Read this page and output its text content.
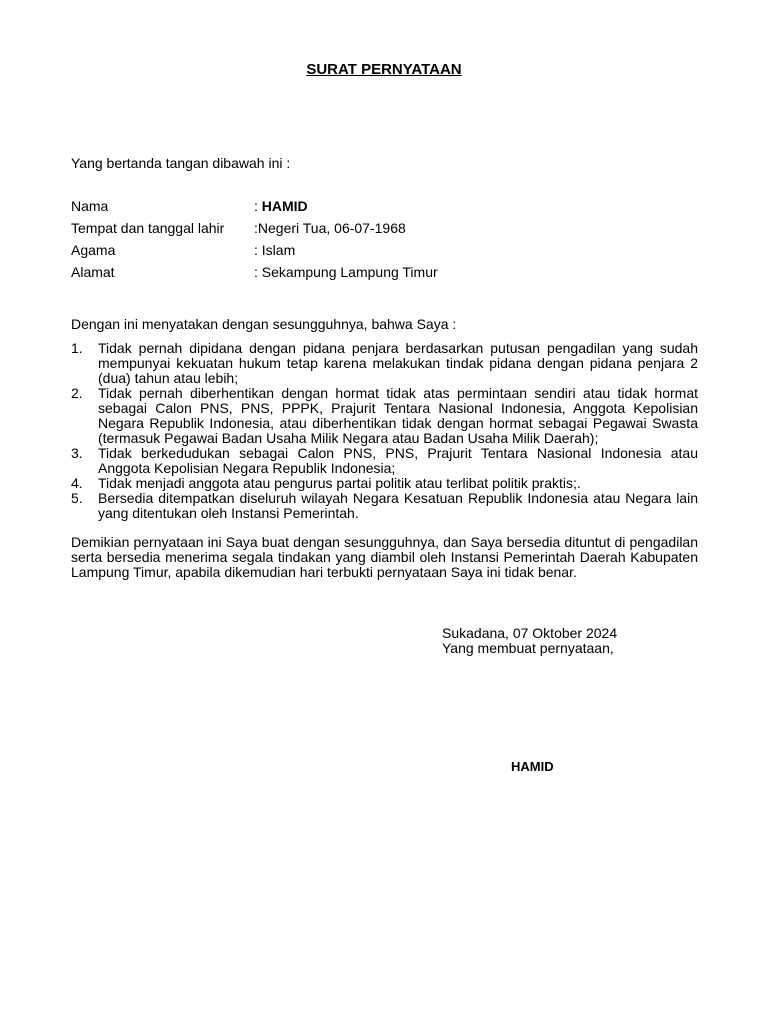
SURAT PERNYATAAN
Yang bertanda tangan dibawah ini :
Nama	: HAMID
Tempat dan tanggal lahir :Negeri Tua, 06-07-1968
Agama	: Islam
Alamat	: Sekampung Lampung Timur
Dengan ini menyatakan dengan sesungguhnya, bahwa Saya :
1. Tidak pernah dipidana dengan pidana penjara berdasarkan putusan pengadilan yang sudah mempunyai kekuatan hukum tetap karena melakukan tindak pidana dengan pidana penjara 2 (dua) tahun atau lebih;
2. Tidak pernah diberhentikan dengan hormat tidak atas permintaan sendiri atau tidak hormat sebagai Calon PNS, PNS, PPPK, Prajurit Tentara Nasional Indonesia, Anggota Kepolisian Negara Republik Indonesia, atau diberhentikan tidak dengan hormat sebagai Pegawai Swasta (termasuk Pegawai Badan Usaha Milik Negara atau Badan Usaha Milik Daerah);
3. Tidak berkedudukan sebagai Calon PNS, PNS, Prajurit Tentara Nasional Indonesia atau Anggota Kepolisian Negara Republik Indonesia;
4. Tidak menjadi anggota atau pengurus partai politik atau terlibat politik praktis;.
5. Bersedia ditempatkan diseluruh wilayah Negara Kesatuan Republik Indonesia atau Negara lain yang ditentukan oleh Instansi Pemerintah.
Demikian pernyataan ini Saya buat dengan sesungguhnya, dan Saya bersedia dituntut di pengadilan serta bersedia menerima segala tindakan yang diambil oleh Instansi Pemerintah Daerah Kabupaten Lampung Timur, apabila dikemudian hari terbukti pernyataan Saya ini tidak benar.
Sukadana, 07 Oktober 2024
Yang membuat pernyataan,
HAMID
